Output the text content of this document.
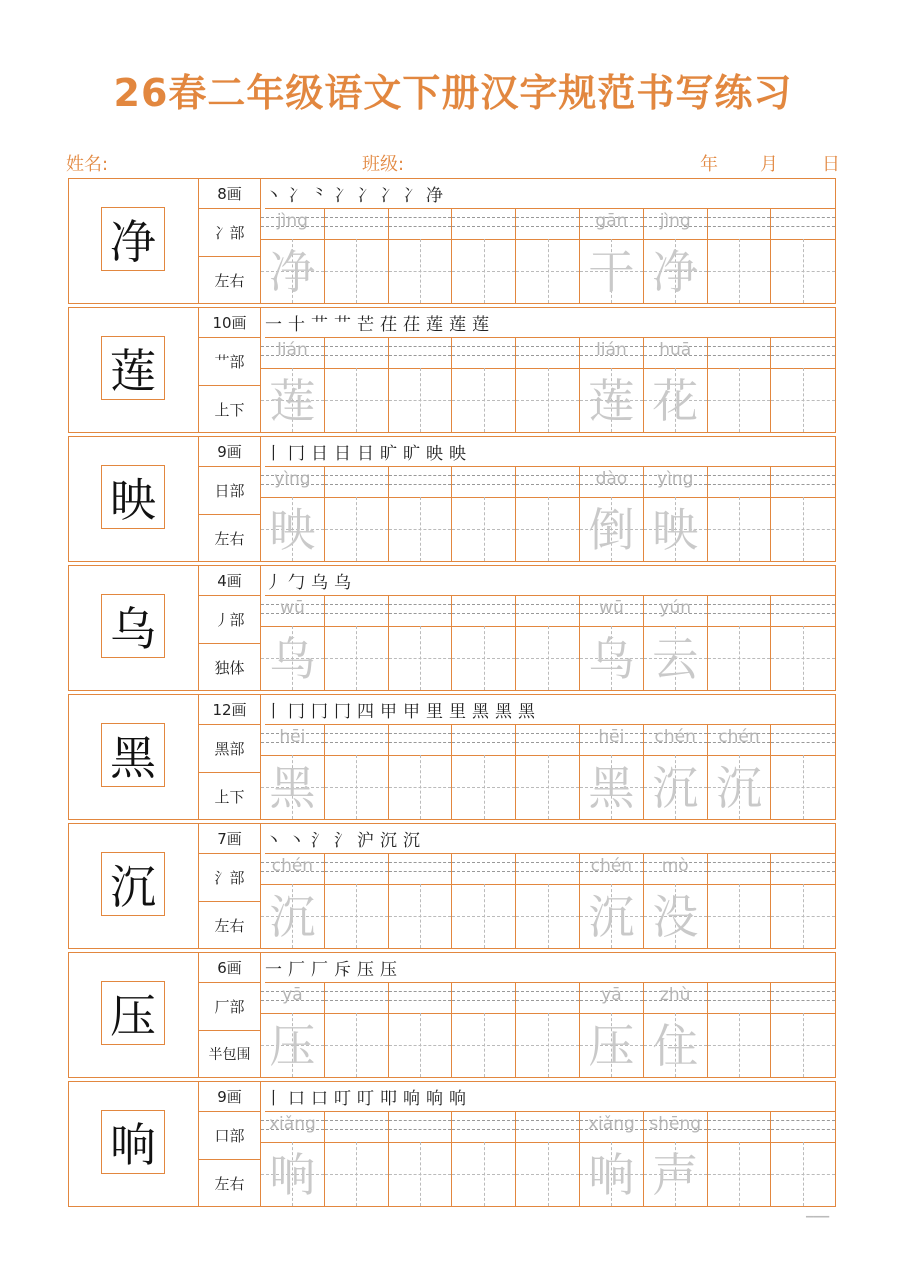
26春二年级语文下册汉字规范书写练习
姓名:	班级:	年 月 日
净
8画
冫部
左右
丶 冫 ⺀ 冫 冫 冫 冫 净
jìng
净
gān
干
jìng
净
莲
10画
艹部
上下
一 十 艹 艹 芒 茌 茌 莲 莲 莲
lián
莲
lián
莲
huā
花
映
9画
日部
左右
丨 冂 日 日 日 旷 旷 映 映
yìng
映
dào
倒
yìng
映
乌
4画
丿部
独体
丿 勹 乌 乌
wū
乌
wū
乌
yún
云
黑
12画
黑部
上下
丨 冂 冂 冂 四 甲 甲 里 里 黑 黑 黑
hēi
黑
hēi
黑
chén
沉
chén
沉
沉
7画
氵部
左右
丶 丶 氵 氵 沪 沉 沉
chén
沉
chén
沉
mò
没
压
6画
厂部
半包围
一 厂 厂 斥 压 压
yā
压
yā
压
zhù
住
响
9画
口部
左右
丨 口 口 叮 叮 叩 响 响 响
xiǎng
响
xiǎng
响
shēng
声
▁▁▁
